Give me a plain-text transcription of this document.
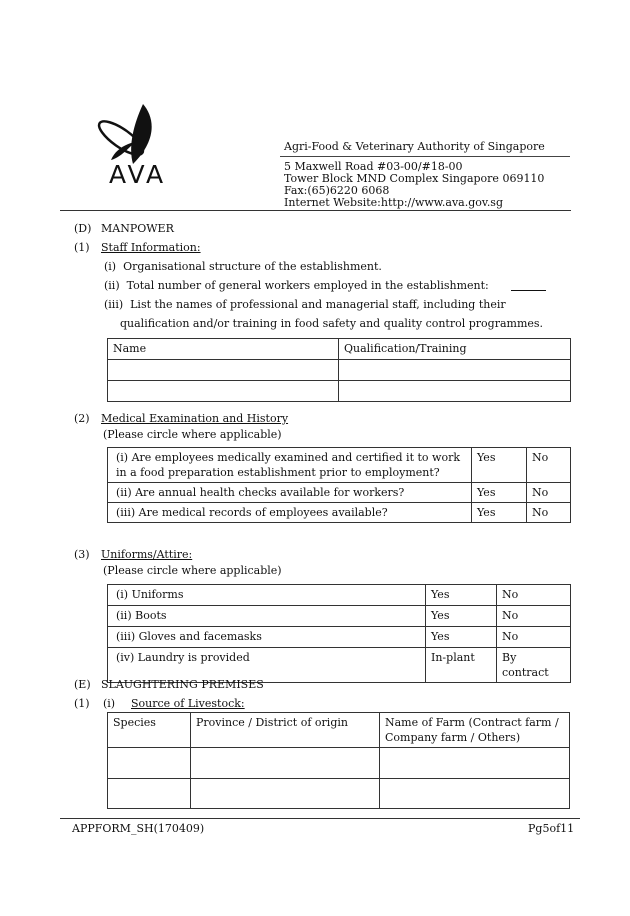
AVA
Agri-Food & Veterinary Authority of Singapore
5 Maxwell Road #03-00/#18-00
Tower Block MND Complex Singapore 069110
Fax:(65)6220 6068
Internet Website:http://www.ava.gov.sg
(D) MANPOWER
(1) Staff Information:
(i)  Organisational structure of the establishment.
(ii)  Total number of general workers employed in the establishment:
(iii)  List the names of professional and managerial staff, including their
qualification and/or training in food safety and quality control programmes.
Name	Qualification/Training

(2) Medical Examination and History
(Please circle where applicable)
(i) Are employees medically examined and certified it to work in a food preparation establishment prior to employment?	Yes	No
(ii) Are annual health checks available for workers?	Yes	No
(iii) Are medical records of employees available?	Yes	No
(3) Uniforms/Attire:
(Please circle where applicable)
(i) Uniforms	Yes	No
(ii) Boots	Yes	No
(iii) Gloves and facemasks	Yes	No
(iv) Laundry is provided	In-plant	By contract
(E) SLAUGHTERING PREMISES
(1) (i) Source of Livestock:
Species	Province / District of origin	Name of Farm (Contract farm / Company farm / Others)

APPFORM_SH(170409)	Pg5of11
